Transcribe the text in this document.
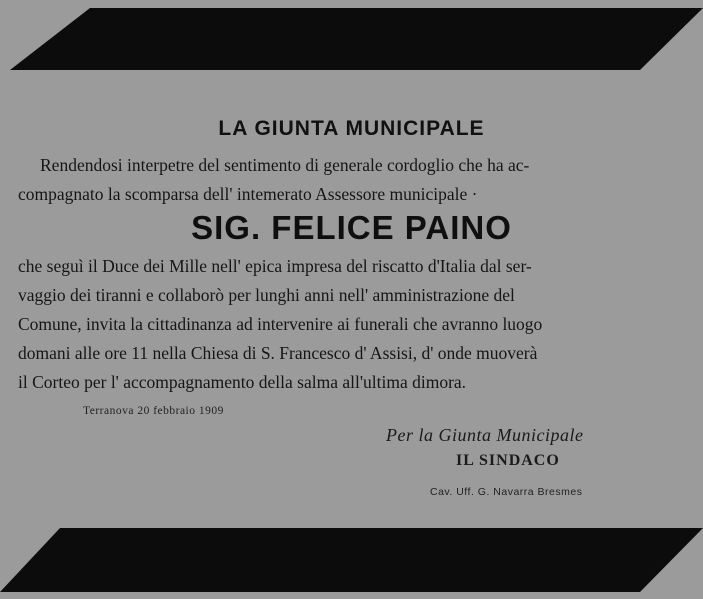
LA GIUNTA MUNICIPALE
Rendendosi interpetre del sentimento di generale cordoglio che ha ac-
compagnato la scomparsa dell' intemerato Assessore municipale ·
SIG. FELICE PAINO
che seguì il Duce dei Mille nell' epica impresa del riscatto d'Italia dal ser-
vaggio dei tiranni e collaborò per lunghi anni nell' amministrazione del
Comune, invita la cittadinanza ad intervenire ai funerali che avranno luogo
domani alle ore 11 nella Chiesa di S. Francesco d' Assisi, d' onde muoverà
il Corteo per l' accompagnamento della salma all'ultima dimora.
Terranova 20 febbraio 1909
Per la Giunta Municipale
IL SINDACO
Cav. Uff. G. Navarra Bresmes
